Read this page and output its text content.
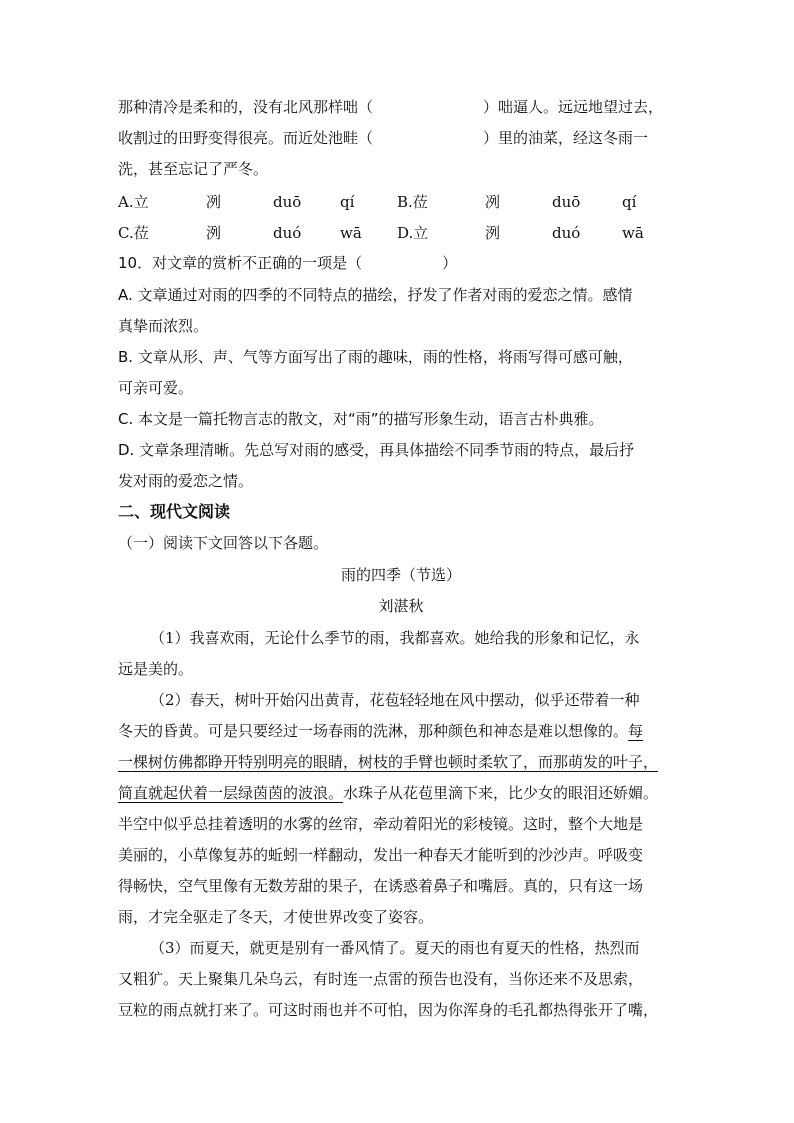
那种清冷是柔和的，没有北风那样咄（	）咄逼人。远远地望过去，
收割过的田野变得很亮。而近处池畦（	）里的油菜，经这冬雨一
洗，甚至忘记了严冬。
A.立	冽	duō	qí	B.莅	冽	duō	qí
C.莅	洌	duó	wā D.立	洌	duó	wā
10．对文章的赏析不正确的一项是（	）
A. 文章通过对雨的四季的不同特点的描绘，抒发了作者对雨的爱恋之情。感情
真挚而浓烈。
B. 文章从形、声、气等方面写出了雨的趣味，雨的性格，将雨写得可感可触，
可亲可爱。
C. 本文是一篇托物言志的散文，对“雨”的描写形象生动，语言古朴典雅。
D. 文章条理清晰。先总写对雨的感受，再具体描绘不同季节雨的特点，最后抒
发对雨的爱恋之情。
二、现代文阅读
（一）阅读下文回答以下各题。
雨的四季（节选）
刘湛秋
（1）我喜欢雨，无论什么季节的雨，我都喜欢。她给我的形象和记忆，永
远是美的。
（2）春天，树叶开始闪出黄青，花苞轻轻地在风中摆动，似乎还带着一种
冬天的昏黄。可是只要经过一场春雨的洗淋，那种颜色和神态是难以想像的。每
一棵树仿佛都睁开特别明亮的眼睛，树枝的手臂也顿时柔软了，而那萌发的叶子，
简直就起伏着一层绿茵茵的波浪。水珠子从花苞里滴下来，比少女的眼泪还娇媚。
半空中似乎总挂着透明的水雾的丝帘，牵动着阳光的彩棱镜。这时，整个大地是
美丽的，小草像复苏的蚯蚓一样翻动，发出一种春天才能听到的沙沙声。呼吸变
得畅快，空气里像有无数芳甜的果子，在诱惑着鼻子和嘴唇。真的，只有这一场
雨，才完全驱走了冬天，才使世界改变了姿容。
（3）而夏天，就更是别有一番风情了。夏天的雨也有夏天的性格，热烈而
又粗犷。天上聚集几朵乌云，有时连一点雷的预告也没有，当你还来不及思索，
豆粒的雨点就打来了。可这时雨也并不可怕，因为你浑身的毛孔都热得张开了嘴，
